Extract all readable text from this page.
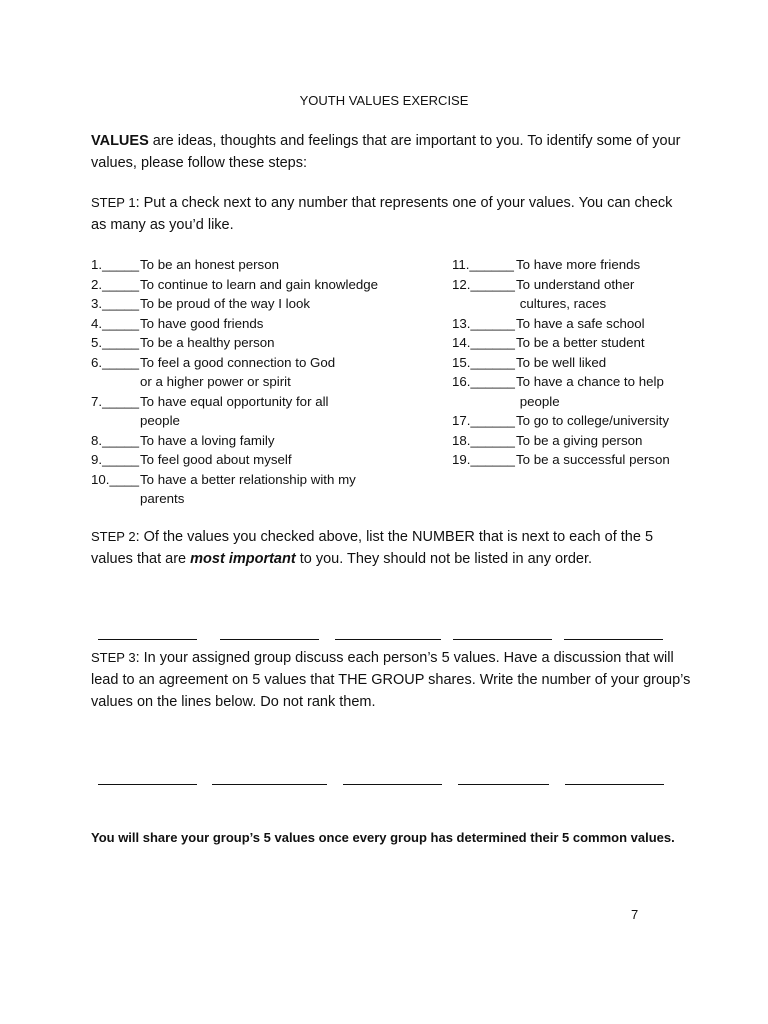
YOUTH VALUES EXERCISE
VALUES are ideas, thoughts and feelings that are important to you. To identify some of your values, please follow these steps:
STEP 1: Put a check next to any number that represents one of your values. You can check as many as you’d like.
1._____ To be an honest person
2._____ To continue to learn and gain knowledge
3._____ To be proud of the way I look
4._____ To have good friends
5._____ To be a healthy person
6._____ To feel a good connection to God
or a higher power or spirit
7._____ To have equal opportunity for all
people
8._____ To have a loving family
9._____ To feel good about myself
10.____ To have a better relationship with my
parents
11.______ To have more friends
12.______ To understand other
cultures, races
13.______ To have a safe school
14.______ To be a better student
15.______ To be well liked
16.______ To have a chance to help
people
17.______ To go to college/university
18.______ To be a giving person
19.______ To be a successful person
STEP 2: Of the values you checked above, list the NUMBER that is next to each of the 5 values that are most important to you. They should not be listed in any order.

STEP 3: In your assigned group discuss each person’s 5 values. Have a discussion that will lead to an agreement on 5 values that THE GROUP shares. Write the number of your group’s values on the lines below. Do not rank them.

You will share your group’s 5 values once every group has determined their 5 common values.
7
